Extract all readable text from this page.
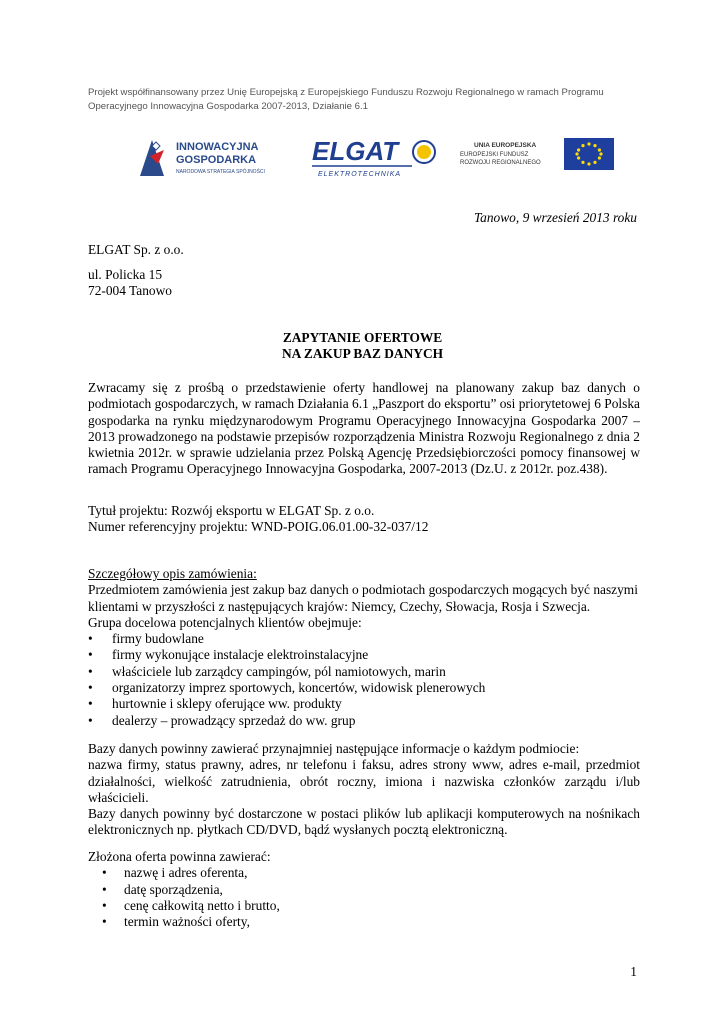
Projekt współfinansowany przez Unię Europejską z Europejskiego Funduszu Rozwoju Regionalnego w ramach Programu
Operacyjnego Innowacyjna Gospodarka 2007-2013, Działanie 6.1
INNOWACYJNA
GOSPODARKA
NARODOWA STRATEGIA SPÓJNOŚCI
ELGAT
ELEKTROTECHNIKA
UNIA EUROPEJSKA
EUROPEJSKI FUNDUSZ
ROZWOJU REGIONALNEGO
Tanowo, 9 wrzesień 2013 roku
ELGAT Sp. z o.o.
ul. Policka 15
72-004 Tanowo
ZAPYTANIE OFERTOWE
NA ZAKUP BAZ DANYCH
Zwracamy się z prośbą o przedstawienie oferty handlowej na planowany zakup baz danych o podmiotach gospodarczych, w ramach Działania 6.1 „Paszport do eksportu” osi priorytetowej 6 Polska gospodarka na rynku międzynarodowym Programu Operacyjnego Innowacyjna Gospodarka 2007 – 2013 prowadzonego na podstawie przepisów rozporządzenia Ministra Rozwoju Regionalnego z dnia 2 kwietnia 2012r. w sprawie udzielania przez Polską Agencję Przedsiębiorczości pomocy finansowej w ramach Programu Operacyjnego Innowacyjna Gospodarka, 2007-2013 (Dz.U. z 2012r. poz.438).
Tytuł projektu: Rozwój eksportu w ELGAT Sp. z o.o.
Numer referencyjny projektu: WND-POIG.06.01.00-32-037/12
Szczegółowy opis zamówienia:
Przedmiotem zamówienia jest zakup baz danych o podmiotach gospodarczych mogących być naszymi klientami w przyszłości z następujących krajów: Niemcy, Czechy, Słowacja, Rosja i Szwecja.
Grupa docelowa potencjalnych klientów obejmuje:
• firmy budowlane
• firmy wykonujące instalacje elektroinstalacyjne
• właściciele lub zarządcy campingów, pól namiotowych, marin
• organizatorzy imprez sportowych, koncertów, widowisk plenerowych
• hurtownie i sklepy oferujące ww. produkty
• dealerzy – prowadzący sprzedaż do ww. grup
Bazy danych powinny zawierać przynajmniej następujące informacje o każdym podmiocie:
nazwa firmy, status prawny, adres, nr telefonu i faksu, adres strony www, adres e-mail, przedmiot działalności, wielkość zatrudnienia, obrót roczny, imiona i nazwiska członków zarządu i/lub właścicieli.
Bazy danych powinny być dostarczone w postaci plików lub aplikacji komputerowych na nośnikach elektronicznych np. płytkach CD/DVD, bądź wysłanych pocztą elektroniczną.
Złożona oferta powinna zawierać:
• nazwę i adres oferenta,
• datę sporządzenia,
• cenę całkowitą netto i brutto,
• termin ważności oferty,
1
